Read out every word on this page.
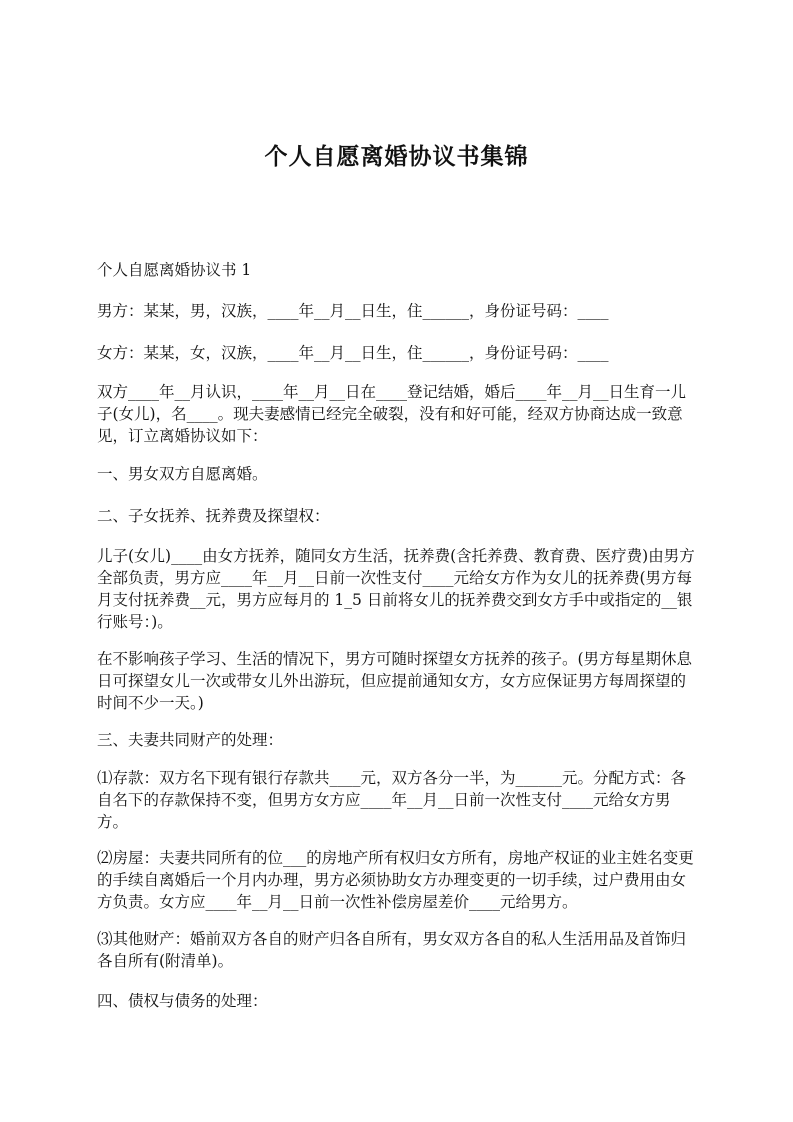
个人自愿离婚协议书集锦

个人自愿离婚协议书 1

男方：某某，男，汉族，____年__月__日生，住______，身份证号码：____

女方：某某，女，汉族，____年__月__日生，住______，身份证号码：____

双方____年__月认识，____年__月__日在____登记结婚，婚后____年__月__日生育一儿子(女儿)，名____。现夫妻感情已经完全破裂，没有和好可能，经双方协商达成一致意见，订立离婚协议如下：

一、男女双方自愿离婚。

二、子女抚养、抚养费及探望权：

儿子(女儿)____由女方抚养，随同女方生活，抚养费(含托养费、教育费、医疗费)由男方全部负责，男方应____年__月__日前一次性支付____元给女方作为女儿的抚养费(男方每月支付抚养费__元，男方应每月的 1_5 日前将女儿的抚养费交到女方手中或指定的__银行账号：)。

在不影响孩子学习、生活的情况下，男方可随时探望女方抚养的孩子。(男方每星期休息日可探望女儿一次或带女儿外出游玩，但应提前通知女方，女方应保证男方每周探望的时间不少一天。)

三、夫妻共同财产的处理：

⑴存款：双方名下现有银行存款共____元，双方各分一半，为______元。分配方式：各自名下的存款保持不变，但男方女方应____年__月__日前一次性支付____元给女方男方。

⑵房屋：夫妻共同所有的位___的房地产所有权归女方所有，房地产权证的业主姓名变更的手续自离婚后一个月内办理，男方必须协助女方办理变更的一切手续，过户费用由女方负责。女方应____年__月__日前一次性补偿房屋差价____元给男方。

⑶其他财产：婚前双方各自的财产归各自所有，男女双方各自的私人生活用品及首饰归各自所有(附清单)。

四、债权与债务的处理：
